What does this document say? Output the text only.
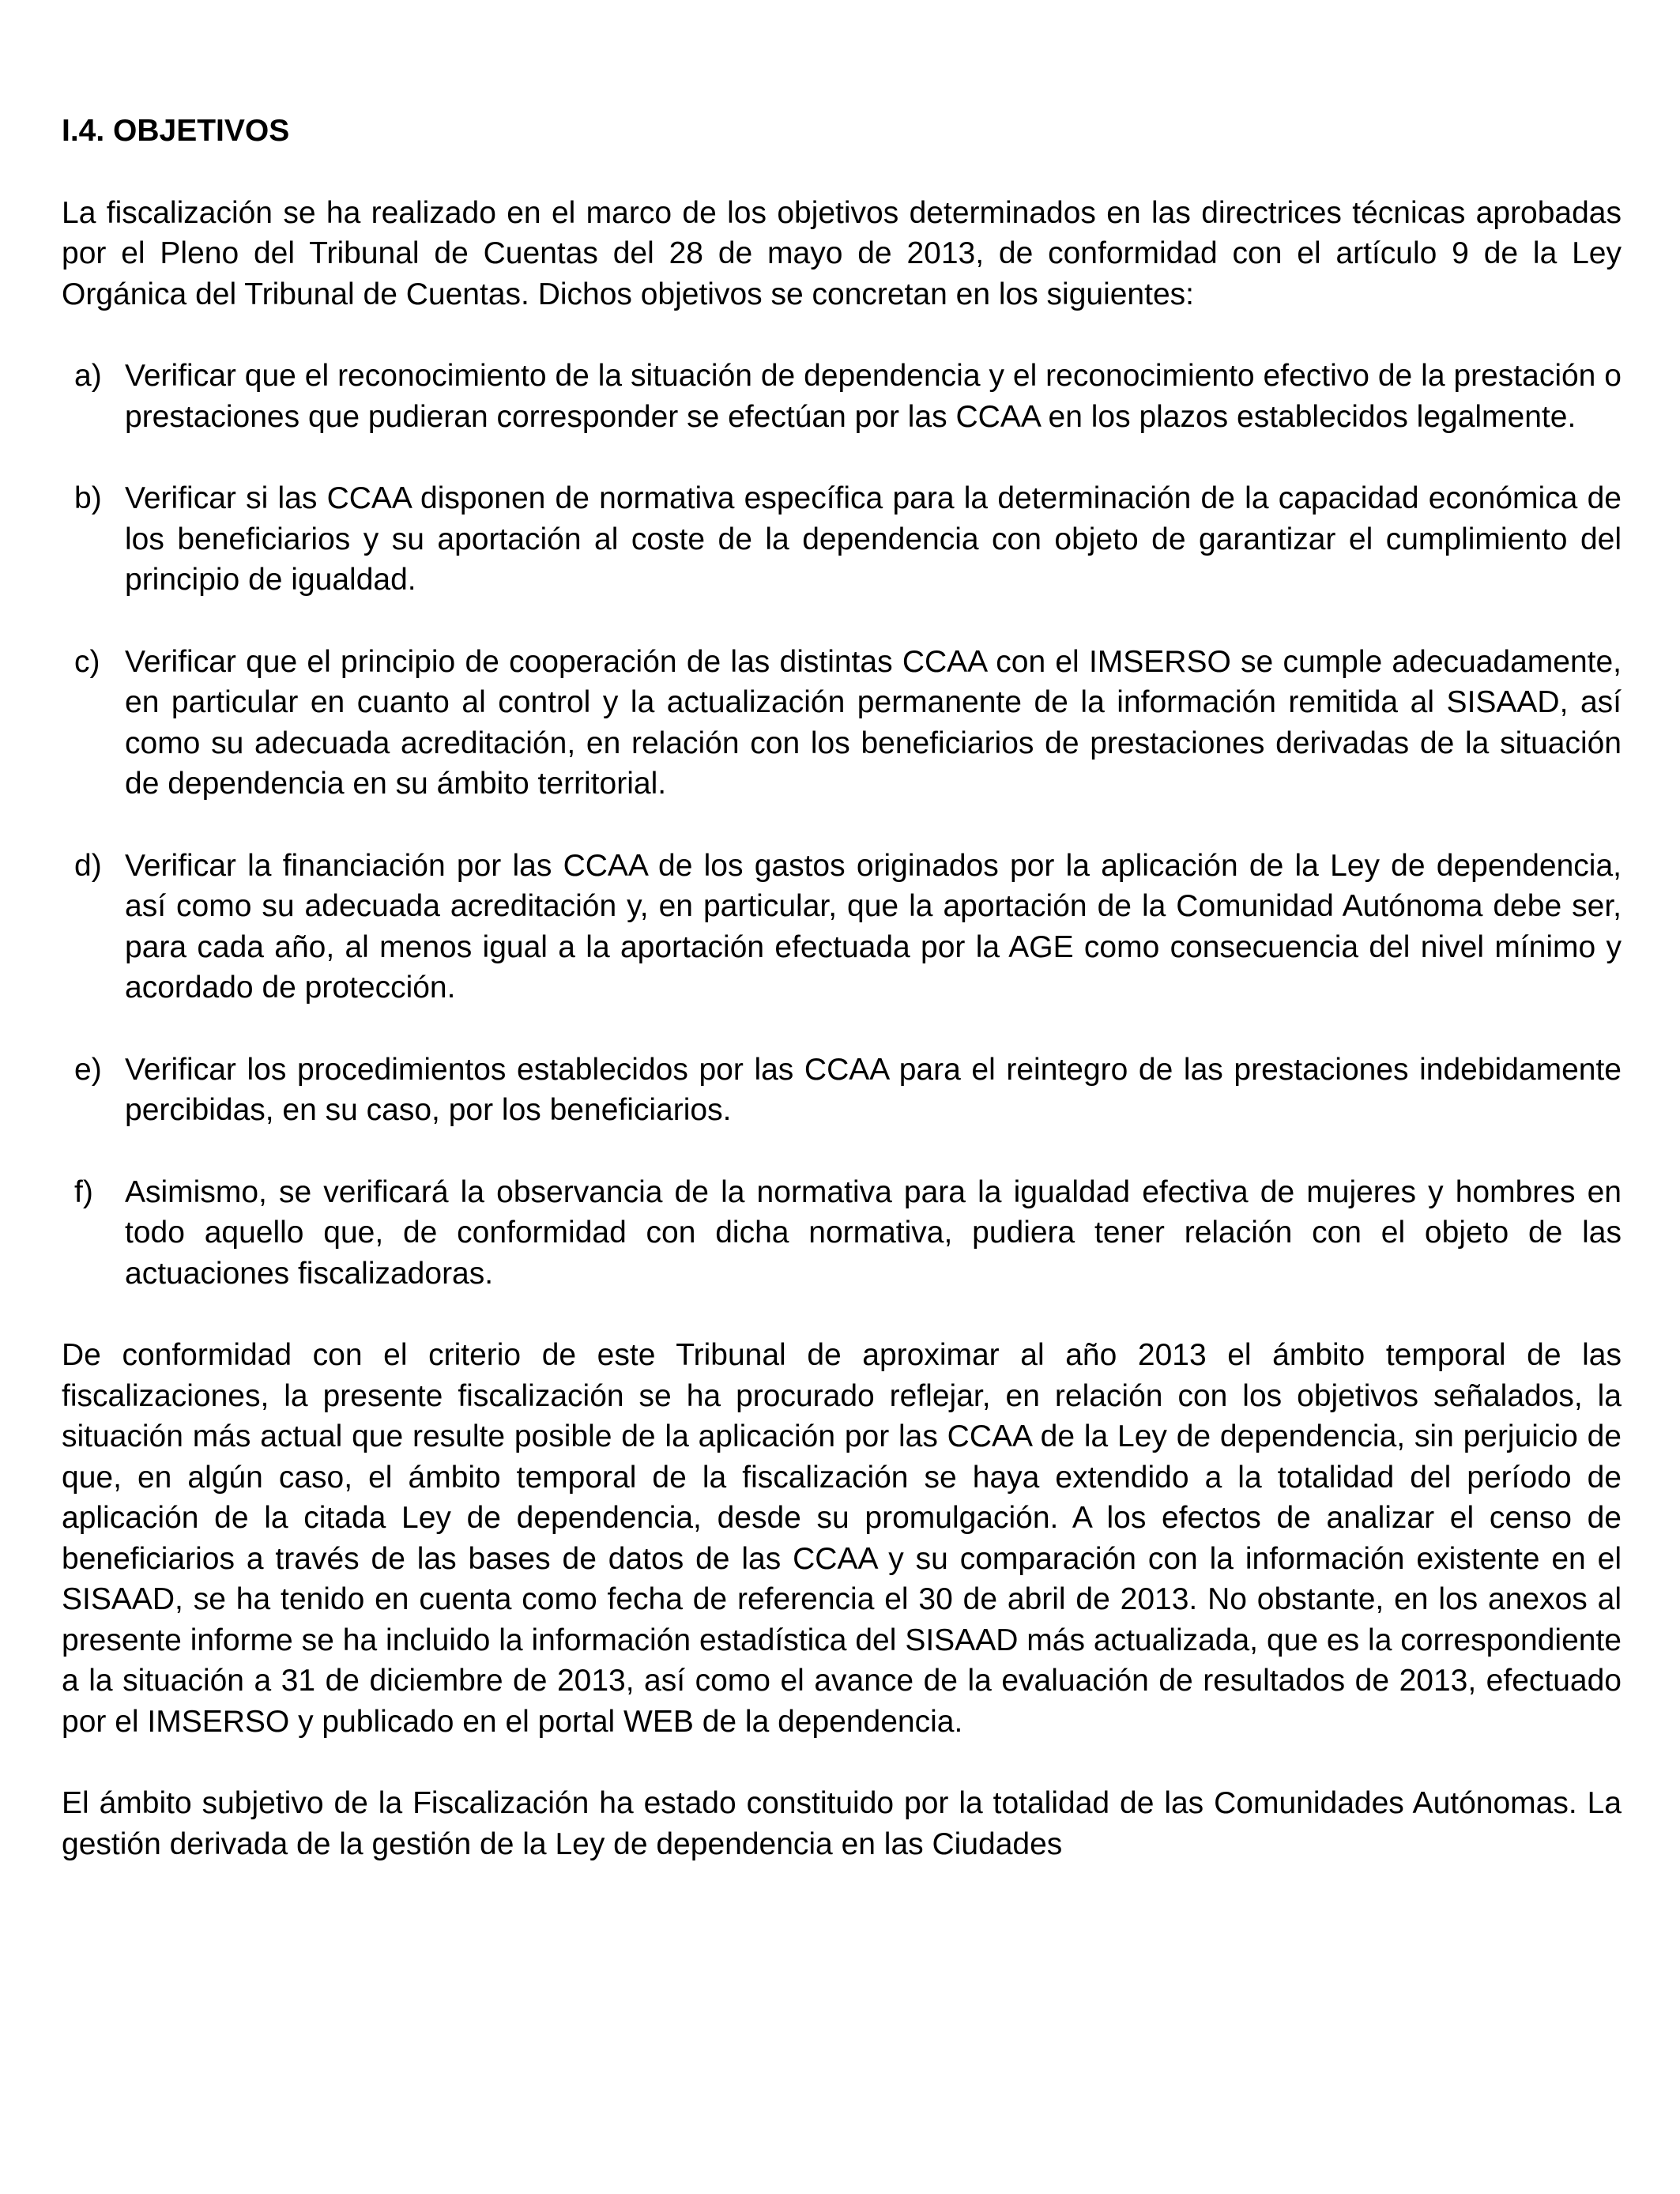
I.4. OBJETIVOS

La fiscalización se ha realizado en el marco de los objetivos determinados en las directrices técnicas aprobadas por el Pleno del Tribunal de Cuentas del 28 de mayo de 2013, de conformidad con el artículo 9 de la Ley Orgánica del Tribunal de Cuentas. Dichos objetivos se concretan en los siguientes:

a) Verificar que el reconocimiento de la situación de dependencia y el reconocimiento efectivo de la prestación o prestaciones que pudieran corresponder se efectúan por las CCAA en los plazos establecidos legalmente.

b) Verificar si las CCAA disponen de normativa específica para la determinación de la capacidad económica de los beneficiarios y su aportación al coste de la dependencia con objeto de garantizar el cumplimiento del principio de igualdad.

c) Verificar que el principio de cooperación de las distintas CCAA con el IMSERSO se cumple adecuadamente, en particular en cuanto al control y la actualización permanente de la información remitida al SISAAD, así como su adecuada acreditación, en relación con los beneficiarios de prestaciones derivadas de la situación de dependencia en su ámbito territorial.

d) Verificar la financiación por las CCAA de los gastos originados por la aplicación de la Ley de dependencia, así como su adecuada acreditación y, en particular, que la aportación de la Comunidad Autónoma debe ser, para cada año, al menos igual a la aportación efectuada por la AGE como consecuencia del nivel mínimo y acordado de protección.

e) Verificar los procedimientos establecidos por las CCAA para el reintegro de las prestaciones indebidamente percibidas, en su caso, por los beneficiarios.

f) Asimismo, se verificará la observancia de la normativa para la igualdad efectiva de mujeres y hombres en todo aquello que, de conformidad con dicha normativa, pudiera tener relación con el objeto de las actuaciones fiscalizadoras.

De conformidad con el criterio de este Tribunal de aproximar al año 2013 el ámbito temporal de las fiscalizaciones, la presente fiscalización se ha procurado reflejar, en relación con los objetivos señalados, la situación más actual que resulte posible de la aplicación por las CCAA de la Ley de dependencia, sin perjuicio de que, en algún caso, el ámbito temporal de la fiscalización se haya extendido a la totalidad del período de aplicación de la citada Ley de dependencia, desde su promulgación. A los efectos de analizar el censo de beneficiarios a través de las bases de datos de las CCAA y su comparación con la información existente en el SISAAD, se ha tenido en cuenta como fecha de referencia el 30 de abril de 2013. No obstante, en los anexos al presente informe se ha incluido la información estadística del SISAAD más actualizada, que es la correspondiente a la situación a 31 de diciembre de 2013, así como el avance de la evaluación de resultados de 2013, efectuado por el IMSERSO y publicado en el portal WEB de la dependencia.

El ámbito subjetivo de la Fiscalización ha estado constituido por la totalidad de las Comunidades Autónomas. La gestión derivada de la gestión de la Ley de dependencia en las Ciudades
